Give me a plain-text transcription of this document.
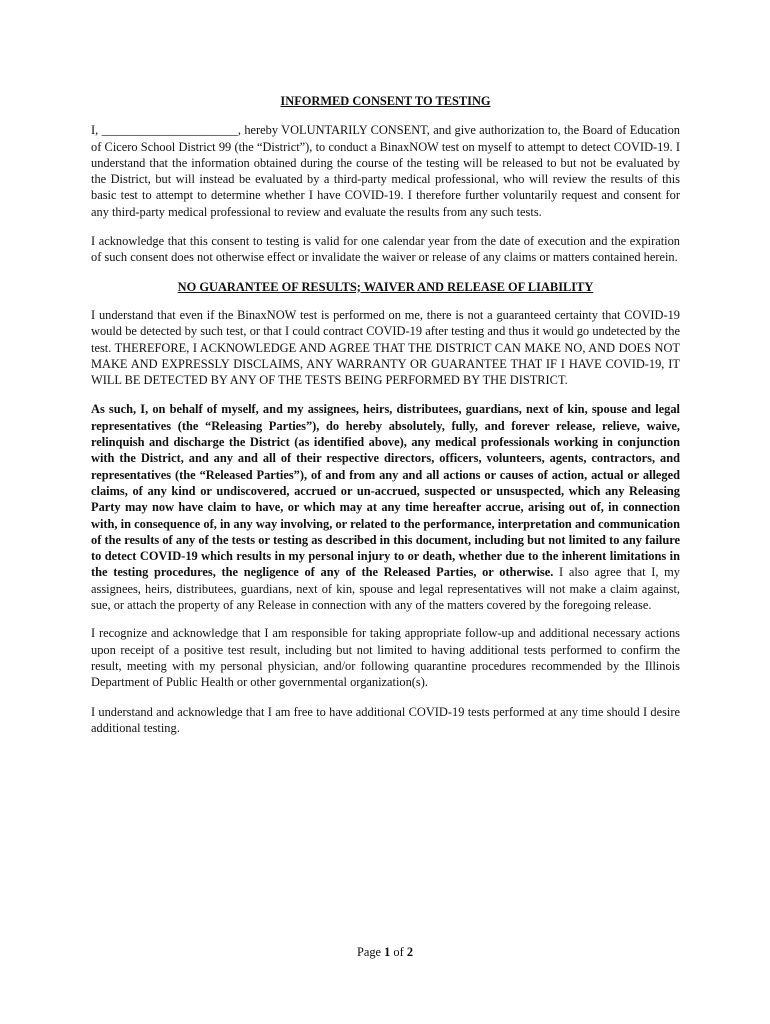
INFORMED CONSENT TO TESTING

I, ______________________, hereby VOLUNTARILY CONSENT, and give authorization to, the Board of Education of Cicero School District 99 (the “District”), to conduct a BinaxNOW test on myself to attempt to detect COVID-19. I understand that the information obtained during the course of the testing will be released to but not be evaluated by the District, but will instead be evaluated by a third-party medical professional, who will review the results of this basic test to attempt to determine whether I have COVID-19. I therefore further voluntarily request and consent for any third-party medical professional to review and evaluate the results from any such tests.

I acknowledge that this consent to testing is valid for one calendar year from the date of execution and the expiration of such consent does not otherwise effect or invalidate the waiver or release of any claims or matters contained herein.

NO GUARANTEE OF RESULTS; WAIVER AND RELEASE OF LIABILITY

I understand that even if the BinaxNOW test is performed on me, there is not a guaranteed certainty that COVID-19 would be detected by such test, or that I could contract COVID-19 after testing and thus it would go undetected by the test. THEREFORE, I ACKNOWLEDGE AND AGREE THAT THE DISTRICT CAN MAKE NO, AND DOES NOT MAKE AND EXPRESSLY DISCLAIMS, ANY WARRANTY OR GUARANTEE THAT IF I HAVE COVID-19, IT WILL BE DETECTED BY ANY OF THE TESTS BEING PERFORMED BY THE DISTRICT.

As such, I, on behalf of myself, and my assignees, heirs, distributees, guardians, next of kin, spouse and legal representatives (the “Releasing Parties”), do hereby absolutely, fully, and forever release, relieve, waive, relinquish and discharge the District (as identified above), any medical professionals working in conjunction with the District, and any and all of their respective directors, officers, volunteers, agents, contractors, and representatives (the “Released Parties”), of and from any and all actions or causes of action, actual or alleged claims, of any kind or undiscovered, accrued or un-accrued, suspected or unsuspected, which any Releasing Party may now have claim to have, or which may at any time hereafter accrue, arising out of, in connection with, in consequence of, in any way involving, or related to the performance, interpretation and communication of the results of any of the tests or testing as described in this document, including but not limited to any failure to detect COVID-19 which results in my personal injury to or death, whether due to the inherent limitations in the testing procedures, the negligence of any of the Released Parties, or otherwise. I also agree that I, my assignees, heirs, distributees, guardians, next of kin, spouse and legal representatives will not make a claim against, sue, or attach the property of any Release in connection with any of the matters covered by the foregoing release.

I recognize and acknowledge that I am responsible for taking appropriate follow-up and additional necessary actions upon receipt of a positive test result, including but not limited to having additional tests performed to confirm the result, meeting with my personal physician, and/or following quarantine procedures recommended by the Illinois Department of Public Health or other governmental organization(s).

I understand and acknowledge that I am free to have additional COVID-19 tests performed at any time should I desire additional testing.

Page 1 of 2
